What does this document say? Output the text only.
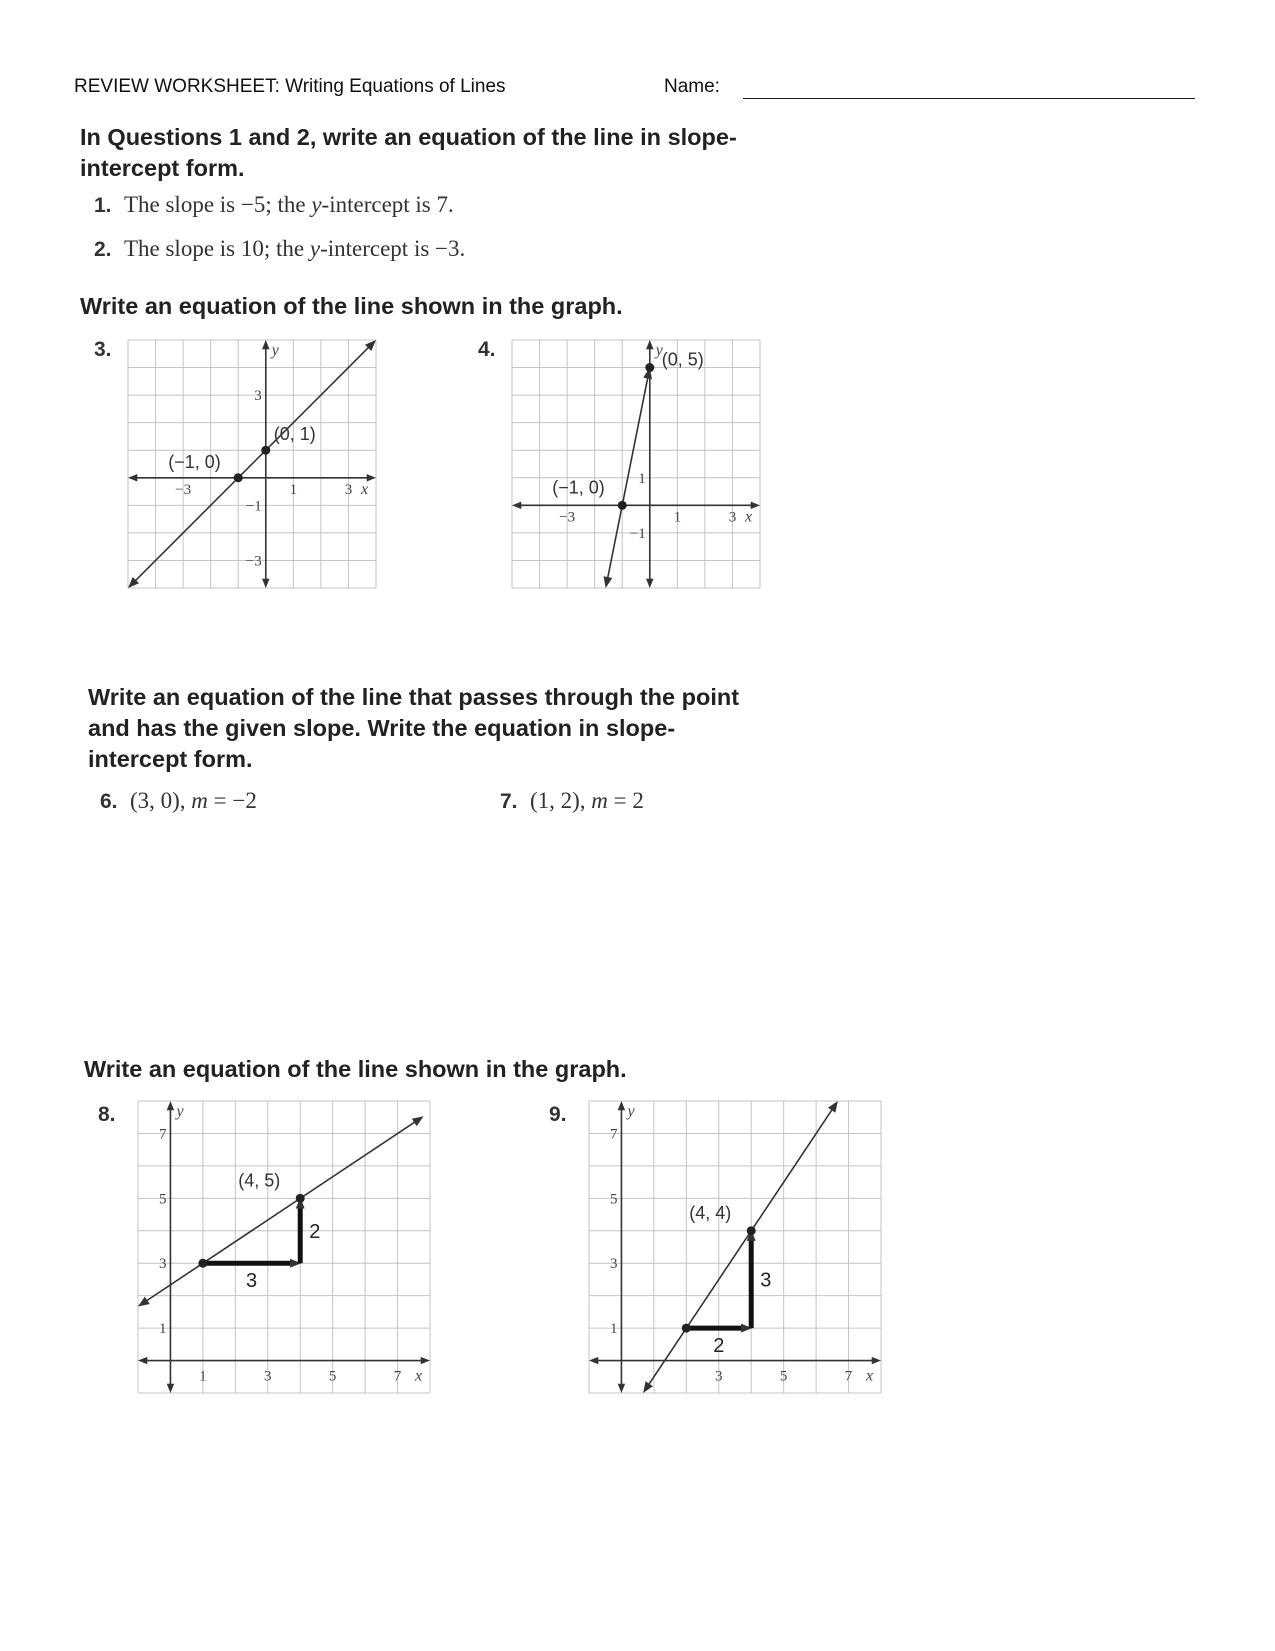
REVIEW WORKSHEET: Writing Equations of Lines	Name:
In Questions 1 and 2, write an equation of the line in slope-
intercept form.
1. The slope is −5; the y-intercept is 7.
2. The slope is 10; the y-intercept is −3.
Write an equation of the line shown in the graph.
3.	4.
x
y
−3	1	3
3
−1
−3
(−1, 0)
(0, 1)
x
y
−3	1	3
1
−1
(−1, 0)
(0, 5)
Write an equation of the line that passes through the point
and has the given slope. Write the equation in slope-
intercept form.
6. (3, 0), m = −2	7. (1, 2), m = 2
Write an equation of the line shown in the graph.
8.	9.
x
y
1	3	5	7
7
5
3
1
3
2
(4, 5)
x
y
3	5	7
7
5
3
1
2
3
(4, 4)
